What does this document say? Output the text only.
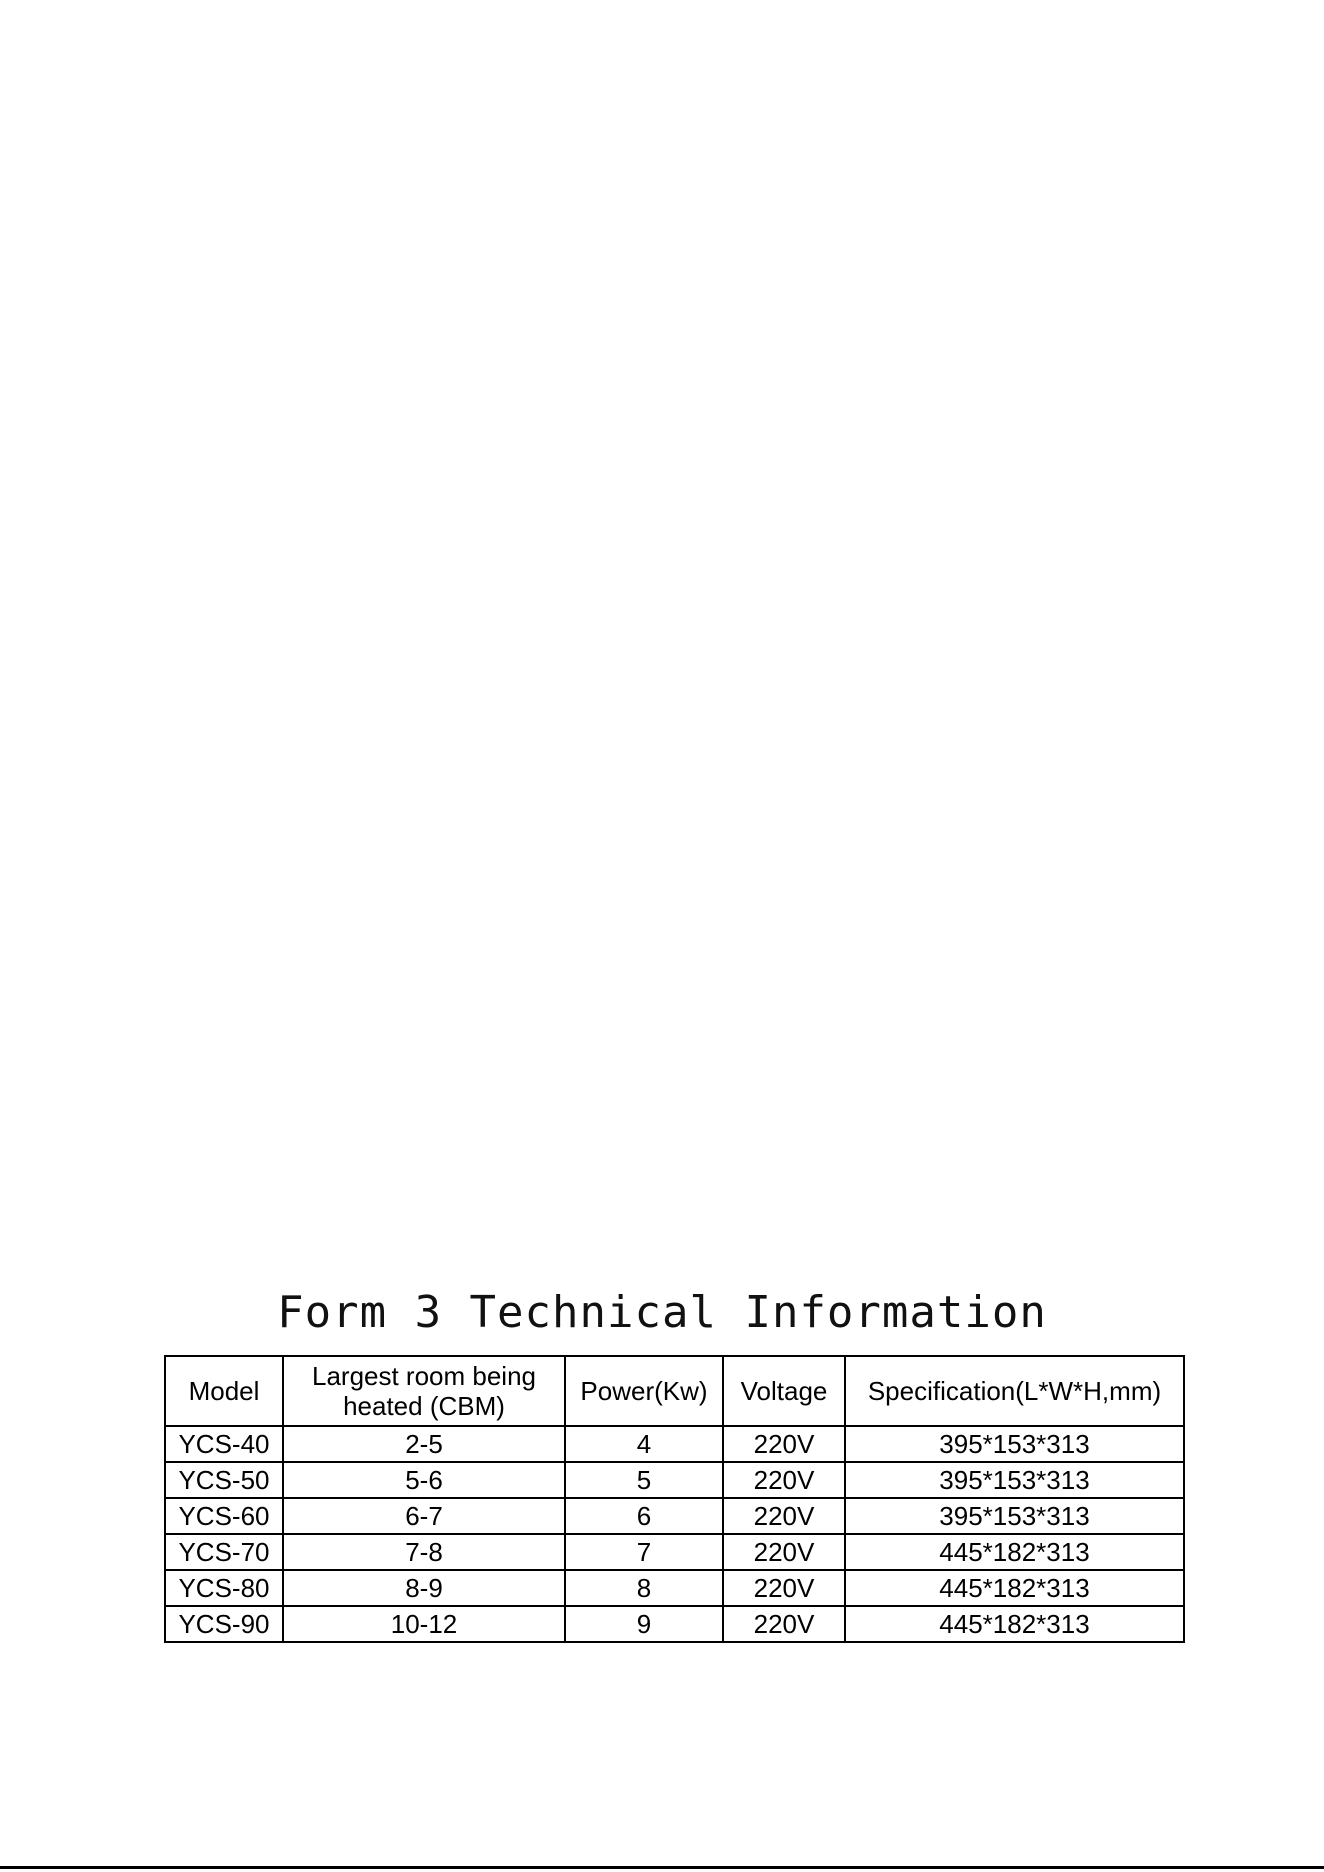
Form 3 Technical Information
Model	Largest room being heated (CBM)	Power(Kw)	Voltage	Specification(L*W*H,mm)
YCS-40	2-5	4	220V	395*153*313
YCS-50	5-6	5	220V	395*153*313
YCS-60	6-7	6	220V	395*153*313
YCS-70	7-8	7	220V	445*182*313
YCS-80	8-9	8	220V	445*182*313
YCS-90	10-12	9	220V	445*182*313
